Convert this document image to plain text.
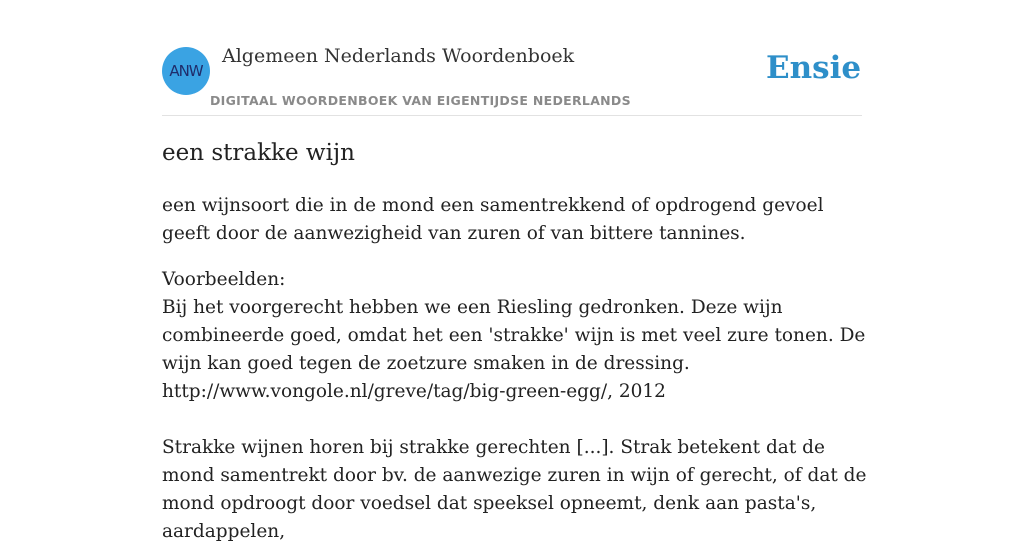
ANW
Algemeen Nederlands Woordenboek
DIGITAAL WOORDENBOEK VAN EIGENTIJDSE NEDERLANDS
Ensie
een strakke wijn

een wijnsoort die in de mond een samentrekkend of opdrogend gevoel geeft door de aanwezigheid van zuren of van bittere tannines.

Voorbeelden:

Bij het voorgerecht hebben we een Riesling gedronken. Deze wijn combineerde goed, omdat het een 'strakke' wijn is met veel zure tonen. De wijn kan goed tegen de zoetzure smaken in de dressing.

http://www.vongole.nl/greve/tag/big-green-egg/, 2012

Strakke wijnen horen bij strakke gerechten [...]. Strak betekent dat de mond samentrekt door bv. de aanwezige zuren in wijn of gerecht, of dat de mond opdroogt door voedsel dat speeksel opneemt, denk aan pasta's, aardappelen,
